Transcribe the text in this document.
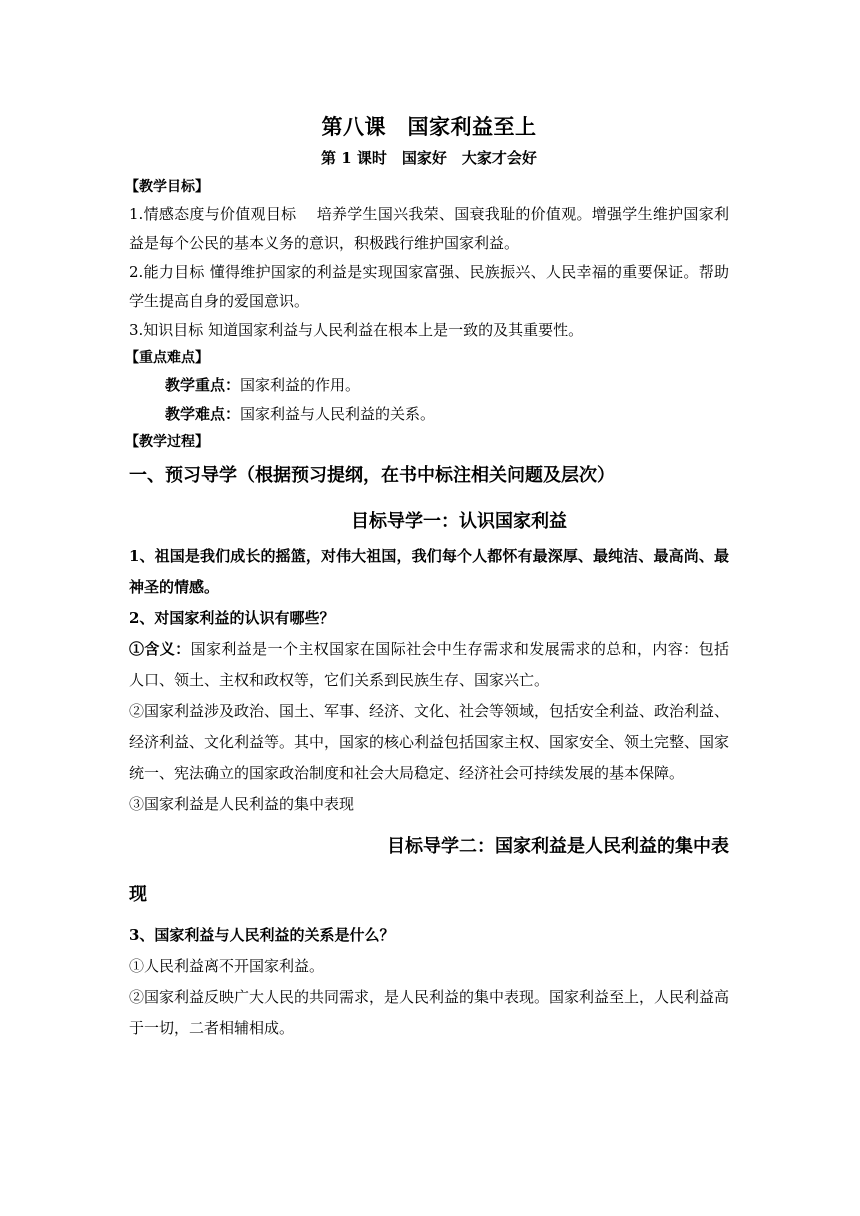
第八课　国家利益至上
第 1 课时　国家好　大家才会好
【教学目标】

1.情感态度与价值观目标　 培养学生国兴我荣、国衰我耻的价值观。增强学生维护国家利益是每个公民的基本义务的意识，积极践行维护国家利益。

2.能力目标 懂得维护国家的利益是实现国家富强、民族振兴、人民幸福的重要保证。帮助学生提高自身的爱国意识。

3.知识目标 知道国家利益与人民利益在根本上是一致的及其重要性。

【重点难点】

教学重点：国家利益的作用。

教学难点：国家利益与人民利益的关系。

【教学过程】
一、预习导学（根据预习提纲，在书中标注相关问题及层次）
目标导学一：认识国家利益

1、祖国是我们成长的摇篮，对伟大祖国，我们每个人都怀有最深厚、最纯洁、最高尚、最神圣的情感。

2、对国家利益的认识有哪些？

①含义：国家利益是一个主权国家在国际社会中生存需求和发展需求的总和，内容：包括人口、领土、主权和政权等，它们关系到民族生存、国家兴亡。

②国家利益涉及政治、国土、军事、经济、文化、社会等领域，包括安全利益、政治利益、经济利益、文化利益等。其中，国家的核心利益包括国家主权、国家安全、领土完整、国家统一、宪法确立的国家政治制度和社会大局稳定、经济社会可持续发展的基本保障。

③国家利益是人民利益的集中表现

目标导学二：国家利益是人民利益的集中表
现

3、国家利益与人民利益的关系是什么？

①人民利益离不开国家利益。

②国家利益反映广大人民的共同需求，是人民利益的集中表现。国家利益至上，人民利益高于一切，二者相辅相成。
